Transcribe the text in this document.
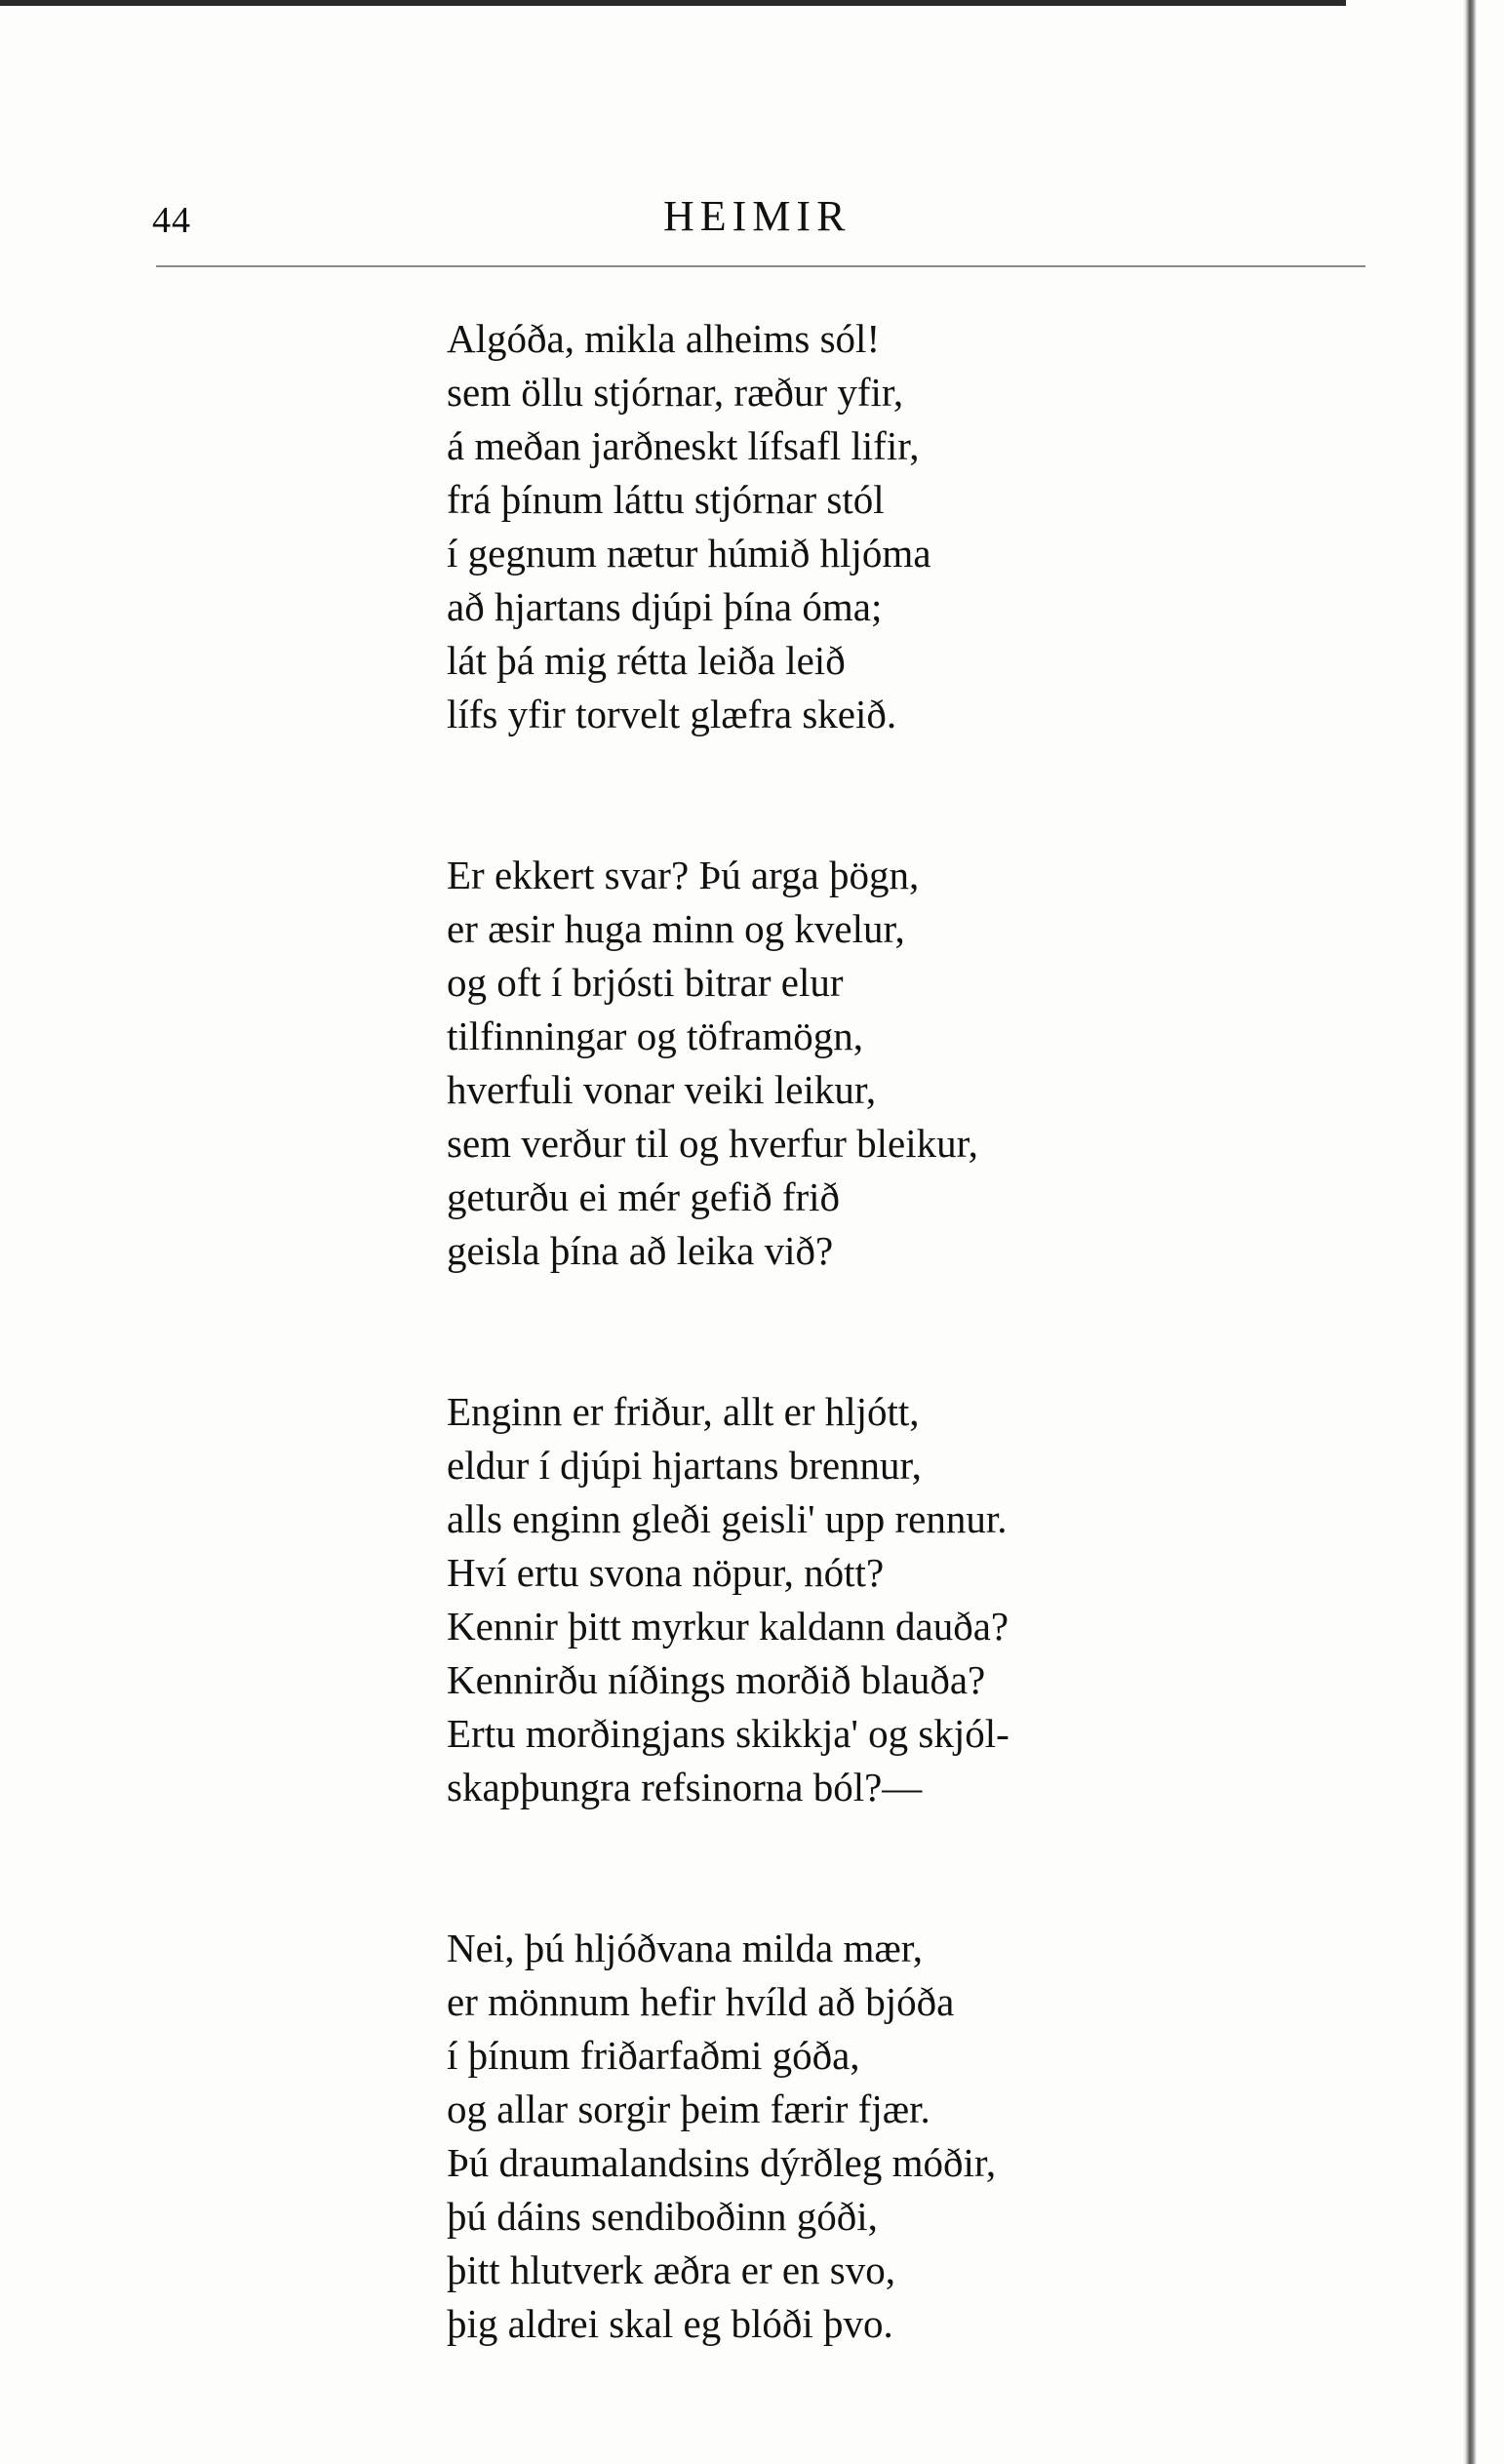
44	HEIMIR
Algóða, mikla alheims sól!
sem öllu stjórnar, ræður yfir,
á meðan jarðneskt lífsafl lifir,
frá þínum láttu stjórnar stól
í gegnum nætur húmið hljóma
að hjartans djúpi þína óma;
lát þá mig rétta leiða leið
lífs yfir torvelt glæfra skeið.
Er ekkert svar? Þú arga þögn,
er æsir huga minn og kvelur,
og oft í brjósti bitrar elur
tilfinningar og töframögn,
hverfuli vonar veiki leikur,
sem verður til og hverfur bleikur,
geturðu ei mér gefið frið
geisla þína að leika við?
Enginn er friður, allt er hljótt,
eldur í djúpi hjartans brennur,
alls enginn gleði geisli' upp rennur.
Hví ertu svona nöpur, nótt?
Kennir þitt myrkur kaldann dauða?
Kennirðu níðings morðið blauða?
Ertu morðingjans skikkja' og skjól-
skapþungra refsinorna ból?—
Nei, þú hljóðvana milda mær,
er mönnum hefir hvíld að bjóða
í þínum friðarfaðmi góða,
og allar sorgir þeim færir fjær.
Þú draumalandsins dýrðleg móðir,
þú dáins sendiboðinn góði,
þitt hlutverk æðra er en svo,
þig aldrei skal eg blóði þvo.
